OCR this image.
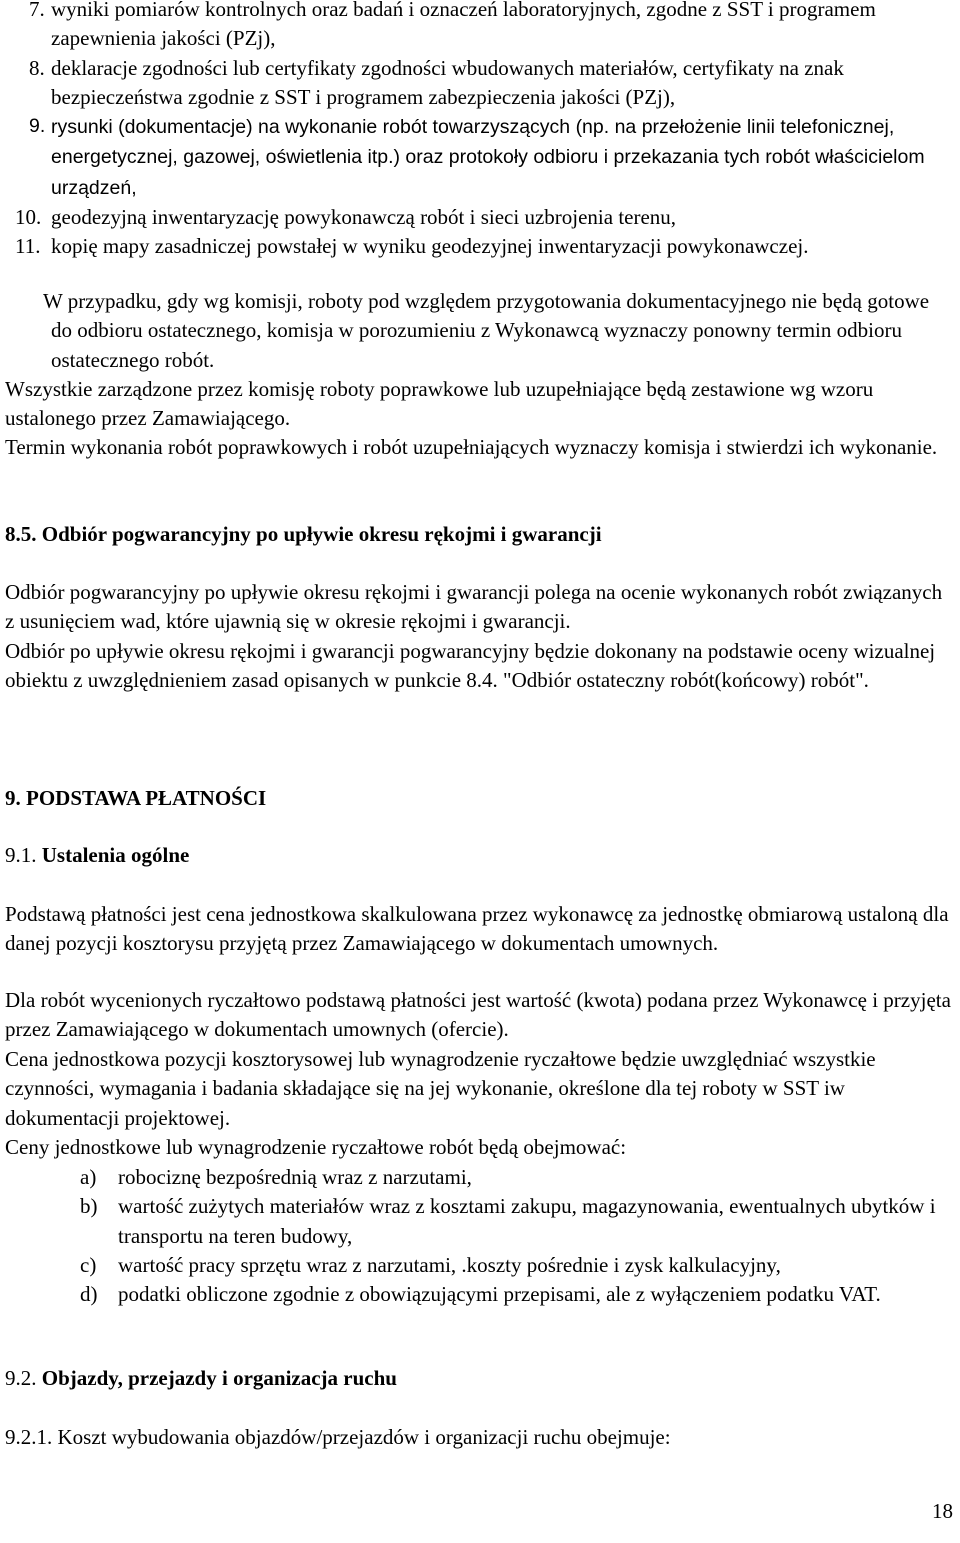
7. wyniki pomiarów kontrolnych oraz badań i oznaczeń laboratoryjnych, zgodne z SST i programem zapewnienia jakości (PZj),
8. deklaracje zgodności lub certyfikaty zgodności wbudowanych materiałów, certyfikaty na znak bezpieczeństwa zgodnie z SST i programem zabezpieczenia jakości (PZj),
9. rysunki (dokumentacje) na wykonanie robót towarzyszących (np. na przełożenie linii telefonicznej, energetycznej, gazowej, oświetlenia itp.) oraz protokoły odbioru i przekazania tych robót właścicielom urządzeń,
10. geodezyjną inwentaryzację powykonawczą robót i sieci uzbrojenia terenu,
11. kopię mapy zasadniczej powstałej w wyniku geodezyjnej inwentaryzacji powykonawczej.

W przypadku, gdy wg komisji, roboty pod względem przygotowania dokumentacyjnego nie będą gotowe do odbioru ostatecznego, komisja w porozumieniu z Wykonawcą wyznaczy ponowny termin odbioru ostatecznego robót.

Wszystkie zarządzone przez komisję roboty poprawkowe lub uzupełniające będą zestawione wg wzoru ustalonego przez Zamawiającego.

Termin wykonania robót poprawkowych i robót uzupełniających wyznaczy komisja i stwierdzi ich wykonanie.

8.5. Odbiór pogwarancyjny po upływie okresu rękojmi i gwarancji

Odbiór pogwarancyjny po upływie okresu rękojmi i gwarancji polega na ocenie wykonanych robót związanych z usunięciem wad, które ujawnią się w okresie rękojmi i gwarancji.

Odbiór po upływie okresu rękojmi i gwarancji pogwarancyjny będzie dokonany na podstawie oceny wizualnej obiektu z uwzględnieniem zasad opisanych w punkcie 8.4. "Odbiór ostateczny robót(końcowy) robót".

9. PODSTAWA PŁATNOŚCI

9.1. Ustalenia ogólne

Podstawą płatności jest cena jednostkowa skalkulowana przez wykonawcę za jednostkę obmiarową ustaloną dla danej pozycji kosztorysu przyjętą przez Zamawiającego w dokumentach umownych.

Dla robót wycenionych ryczałtowo podstawą płatności jest wartość (kwota) podana przez Wykonawcę i przyjęta przez Zamawiającego w dokumentach umownych (ofercie).

Cena jednostkowa pozycji kosztorysowej lub wynagrodzenie ryczałtowe będzie uwzględniać wszystkie czynności, wymagania i badania składające się na jej wykonanie, określone dla tej roboty w SST iw dokumentacji projektowej.

Ceny jednostkowe lub wynagrodzenie ryczałtowe robót będą obejmować:

a) robociznę bezpośrednią wraz z narzutami,
b) wartość zużytych materiałów wraz z kosztami zakupu, magazynowania, ewentualnych ubytków i transportu na teren budowy,
c) wartość pracy sprzętu wraz z narzutami, .koszty pośrednie i zysk kalkulacyjny,
d) podatki obliczone zgodnie z obowiązującymi przepisami, ale z wyłączeniem podatku VAT.

9.2. Objazdy, przejazdy i organizacja ruchu

9.2.1. Koszt wybudowania objazdów/przejazdów i organizacji ruchu obejmuje:

18
